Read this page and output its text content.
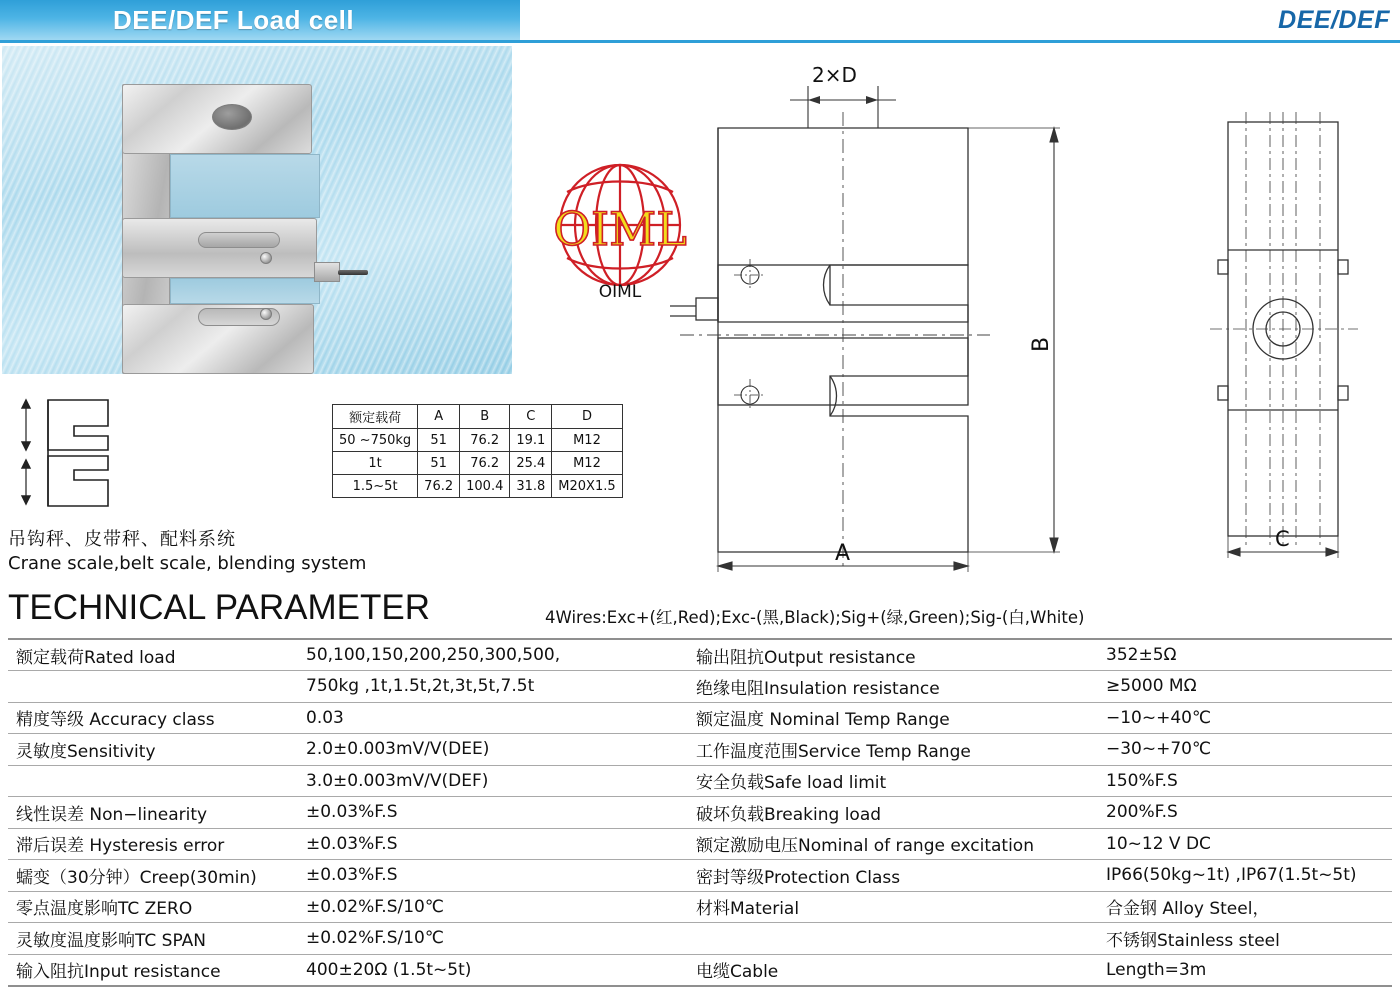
DEE/DEF Load cell	DEE/DEF
OIML
OIML
2×D
B
A
C
额定载荷	A	B	C	D
50 ~750kg	51	76.2	19.1	M12
1t	51	76.2	25.4	M12
1.5~5t	76.2	100.4	31.8	M20X1.5
吊钩秤、皮带秤、配料系统
Crane scale,belt scale, blending system
TECHNICAL PARAMETER	4Wires:Exc+(红,Red);Exc-(黑,Black);Sig+(绿,Green);Sig-(白,White)
额定载荷Rated load	50,100,150,200,250,300,500,	输出阻抗Output resistance	352±5Ω
	750kg ,1t,1.5t,2t,3t,5t,7.5t	绝缘电阻Insulation resistance	≥5000 MΩ
精度等级 Accuracy class	0.03	额定温度 Nominal Temp Range	−10~+40℃
灵敏度Sensitivity	2.0±0.003mV/V(DEE)	工作温度范围Service Temp Range	−30~+70℃
	3.0±0.003mV/V(DEF)	安全负载Safe load limit	150%F.S
线性误差 Non−linearity	±0.03%F.S	破坏负载Breaking load	200%F.S
滞后误差 Hysteresis error	±0.03%F.S	额定激励电压Nominal of range excitation	10~12 V DC
蠕变（30分钟）Creep(30min)	±0.03%F.S	密封等级Protection Class	IP66(50kg~1t) ,IP67(1.5t~5t)
零点温度影响TC ZERO	±0.02%F.S/10℃	材料Material	合金钢 Alloy Steel，
灵敏度温度影响TC SPAN	±0.02%F.S/10℃		不锈钢Stainless steel
输入阻抗Input resistance	400±20Ω (1.5t~5t)	电缆Cable	Length=3m
